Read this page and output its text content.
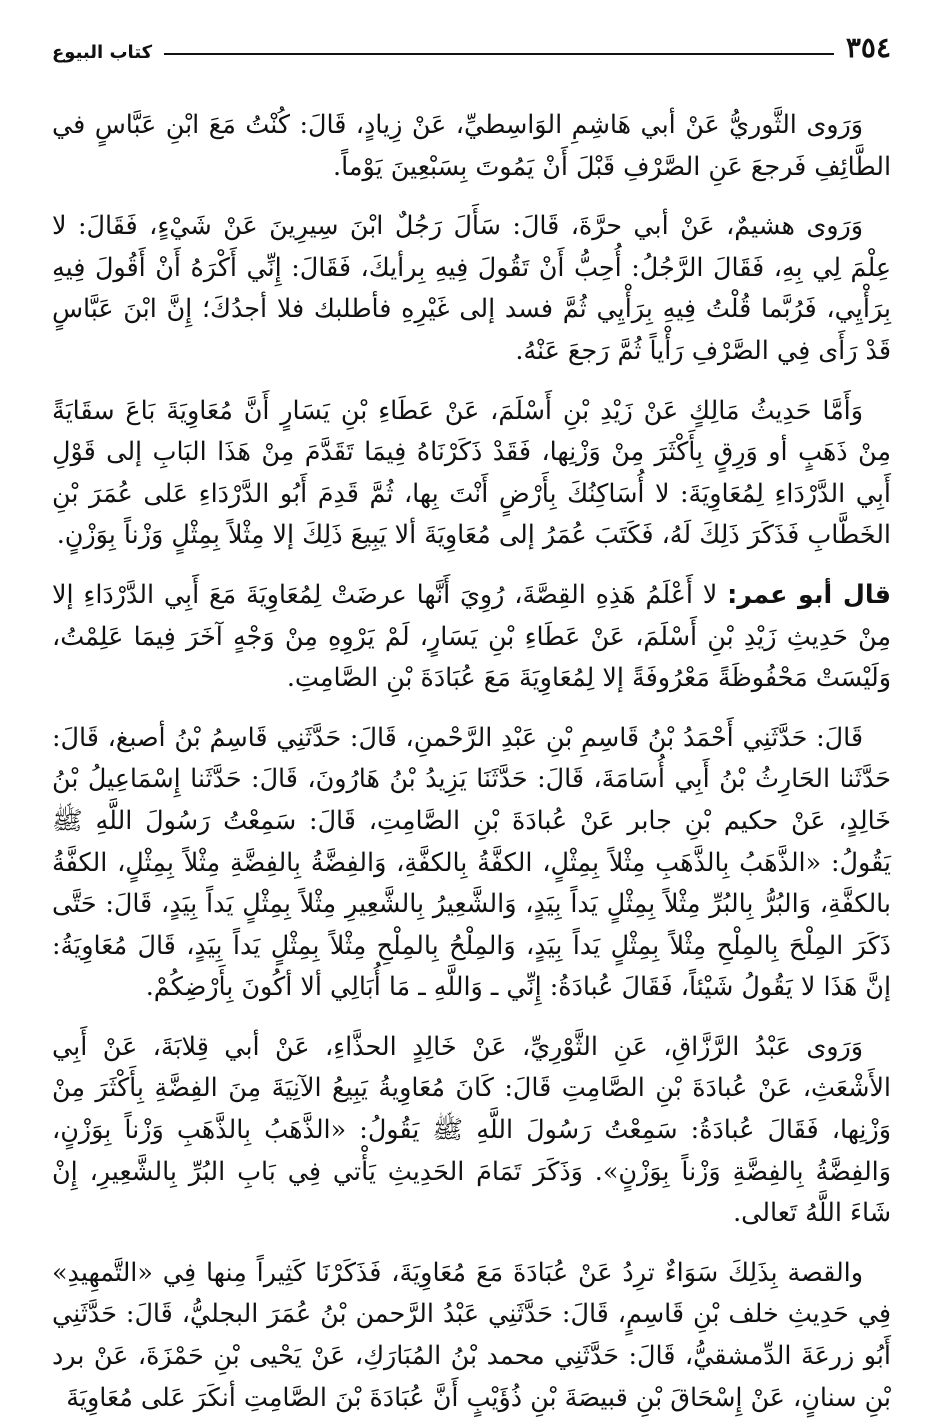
٣٥٤
كتاب البيوع

وَرَوى الثَّوريُّ عَنْ أبي هَاشِمِ الوَاسِطيِّ، عَنْ زِيادٍ، قَالَ: كُنْتُ مَعَ ابْنِ عَبَّاسٍ في الطَّائِفِ فَرجعَ عَنِ الصَّرْفِ قَبْلَ أَنْ يَمُوتَ بِسَبْعِينَ يَوْماً.

وَرَوى هشيمٌ، عَنْ أبي حرَّةَ، قَالَ: سَأَلَ رَجُلٌ ابْنَ سِيرِينَ عَنْ شَيْءٍ، فَقَالَ: لا عِلْمَ لِي بِهِ، فَقَالَ الرَّجُلُ: أُحِبُّ أَنْ تَقُولَ فِيهِ بِرأيكَ، فَقَالَ: إِنِّي أَكْرَهُ أَنْ أَقُولَ فِيهِ بِرَأْيِي، فَرُبَّما قُلْتُ فِيهِ بِرَأْيِي ثُمَّ فسد إلى غَيْرِهِ فأطلبك فلا أجدُكَ؛ إِنَّ ابْنَ عَبَّاسٍ قَدْ رَأَى فِي الصَّرْفِ رَأْياً ثُمَّ رَجعَ عَنْهُ.

وَأَمَّا حَدِيثُ مَالِكٍ عَنْ زَيْدِ بْنِ أَسْلَمَ، عَنْ عَطَاءِ بْنِ يَسَارٍ أَنَّ مُعَاوِيَةَ بَاعَ سقَايَةً مِنْ ذَهَبٍ أو وَرِقٍ بِأَكْثَرَ مِنْ وَزْنِها، فَقَدْ ذَكَرْنَاهُ فِيمَا تَقَدَّمَ مِنْ هَذَا البَابِ إلى قَوْلِ أَبِي الدَّرْدَاءِ لِمُعَاوِيَةَ: لا أُسَاكِنُكَ بِأَرْضٍ أَنْتَ بِها، ثُمَّ قَدِمَ أَبُو الدَّرْدَاءِ عَلى عُمَرَ بْنِ الخَطَّابِ فَذَكَرَ ذَلِكَ لَهُ، فَكَتَبَ عُمَرُ إلى مُعَاوِيَةَ ألا يَبِيعَ ذَلِكَ إلا مِثْلاً بِمِثْلٍ وَزْناً بِوَزْنٍ.

قال أبو عمر: لا أَعْلَمُ هَذِهِ القِصَّةَ، رُوِيَ أَنَّها عرضَتْ لِمُعَاوِيَةَ مَعَ أَبِي الدَّرْدَاءِ إلا مِنْ حَدِيثِ زَيْدِ بْنِ أَسْلَمَ، عَنْ عَطَاءِ بْنِ يَسَارٍ، لَمْ يَرْوِهِ مِنْ وَجْهٍ آخَرَ فِيمَا عَلِمْتُ، وَلَيْسَتْ مَحْفُوظَةً مَعْرُوفَةً إلا لِمُعَاوِيَةَ مَعَ عُبَادَةَ بْنِ الصَّامِتِ.

قَالَ: حَدَّثَنِي أَحْمَدُ بْنُ قَاسِمِ بْنِ عَبْدِ الرَّحْمنِ، قَالَ: حَدَّثَنِي قَاسِمُ بْنُ أصبغ، قَالَ: حَدَّثَنا الحَارِثُ بْنُ أَبِي أُسَامَةَ، قَالَ: حَدَّثَنَا يَزِيدُ بْنُ هَارُونَ، قَالَ: حَدَّثَنا إِسْمَاعِيلُ بْنُ خَالِدٍ، عَنْ حكيم بْنِ جابر عَنْ عُبادَةَ بْنِ الصَّامِتِ، قَالَ: سَمِعْتُ رَسُولَ اللَّهِ ﷺ يَقُولُ: «الذَّهَبُ بِالذَّهَبِ مِثْلاً بِمِثْلٍ، الكفَّةُ بِالكفَّةِ، وَالفِضَّةُ بِالفِضَّةِ مِثْلاً بِمِثْلٍ، الكفَّةُ بالكفَّةِ، وَالبُرُّ بِالبُرِّ مِثْلاً بِمِثْلٍ يَداً بِيَدٍ، وَالشَّعِيرُ بِالشَّعِيرِ مِثْلاً بِمِثْلٍ يَداً بِيَدٍ، قَالَ: حَتَّى ذَكَرَ المِلْحَ بِالمِلْحِ مِثْلاً بِمِثْلٍ يَداً بِيَدٍ، وَالمِلْحُ بِالمِلْحِ مِثْلاً بِمِثْلٍ يَداً بِيَدٍ، قَالَ مُعَاوِيَةُ: إنَّ هَذَا لا يَقُولُ شَيْئاً، فَقَالَ عُبادَةُ: إِنِّي ـ وَاللَّهِ ـ مَا أُبَالِي ألا أكُونَ بِأَرْضِكُمْ.

وَرَوى عَبْدُ الرَّزَّاقِ، عَنِ الثَّوْرِيِّ، عَنْ خَالِدٍ الحذَّاءِ، عَنْ أبي قِلابَةَ، عَنْ أَبِي الأَشْعَثِ، عَنْ عُبادَةَ بْنِ الصَّامِتِ قَالَ: كَانَ مُعَاوِيةُ يَبِيعُ الآنِيَةَ مِنَ الفِضَّةِ بِأَكْثَرَ مِنْ وَزْنِها، فَقَالَ عُبادَةُ: سَمِعْتُ رَسُولَ اللَّهِ ﷺ يَقُولُ: «الذَّهَبُ بِالذَّهَبِ وَزْناً بِوَزْنٍ، وَالفِضَّةُ بِالفِضَّةِ وَزْناً بِوَزْنٍ». وَذَكَرَ تَمَامَ الحَدِيثِ يَأْتي فِي بَابِ البُرِّ بِالشَّعِيرِ، إِنْ شَاءَ اللَّهُ تَعالى.

والقصة بِذَلِكَ سَوَاءٌ ترِدُ عَنْ عُبَادَةَ مَعَ مُعَاوِيَةَ، فَذَكَرْنَا كَثِيراً مِنها فِي «التَّمهِيدِ» فِي حَدِيثِ خلف بْنِ قَاسِمٍ، قَالَ: حَدَّثَنِي عَبْدُ الرَّحمن بْنُ عُمَرَ البجليُّ، قَالَ: حَدَّثَنِي أَبُو زرعَةَ الدِّمشقيُّ، قَالَ: حَدَّثَنِي محمد بْنُ المُبَارَكِ، عَنْ يَحْيى بْنِ حَمْزَةَ، عَنْ برد بْنِ سنانٍ، عَنْ إِسْحَاقَ بْنِ قبيصَةَ بْنِ ذُؤَيْبٍ أَنَّ عُبَادَةَ بْنَ الصَّامِتِ أنكَرَ عَلى مُعَاوِيَةَ
